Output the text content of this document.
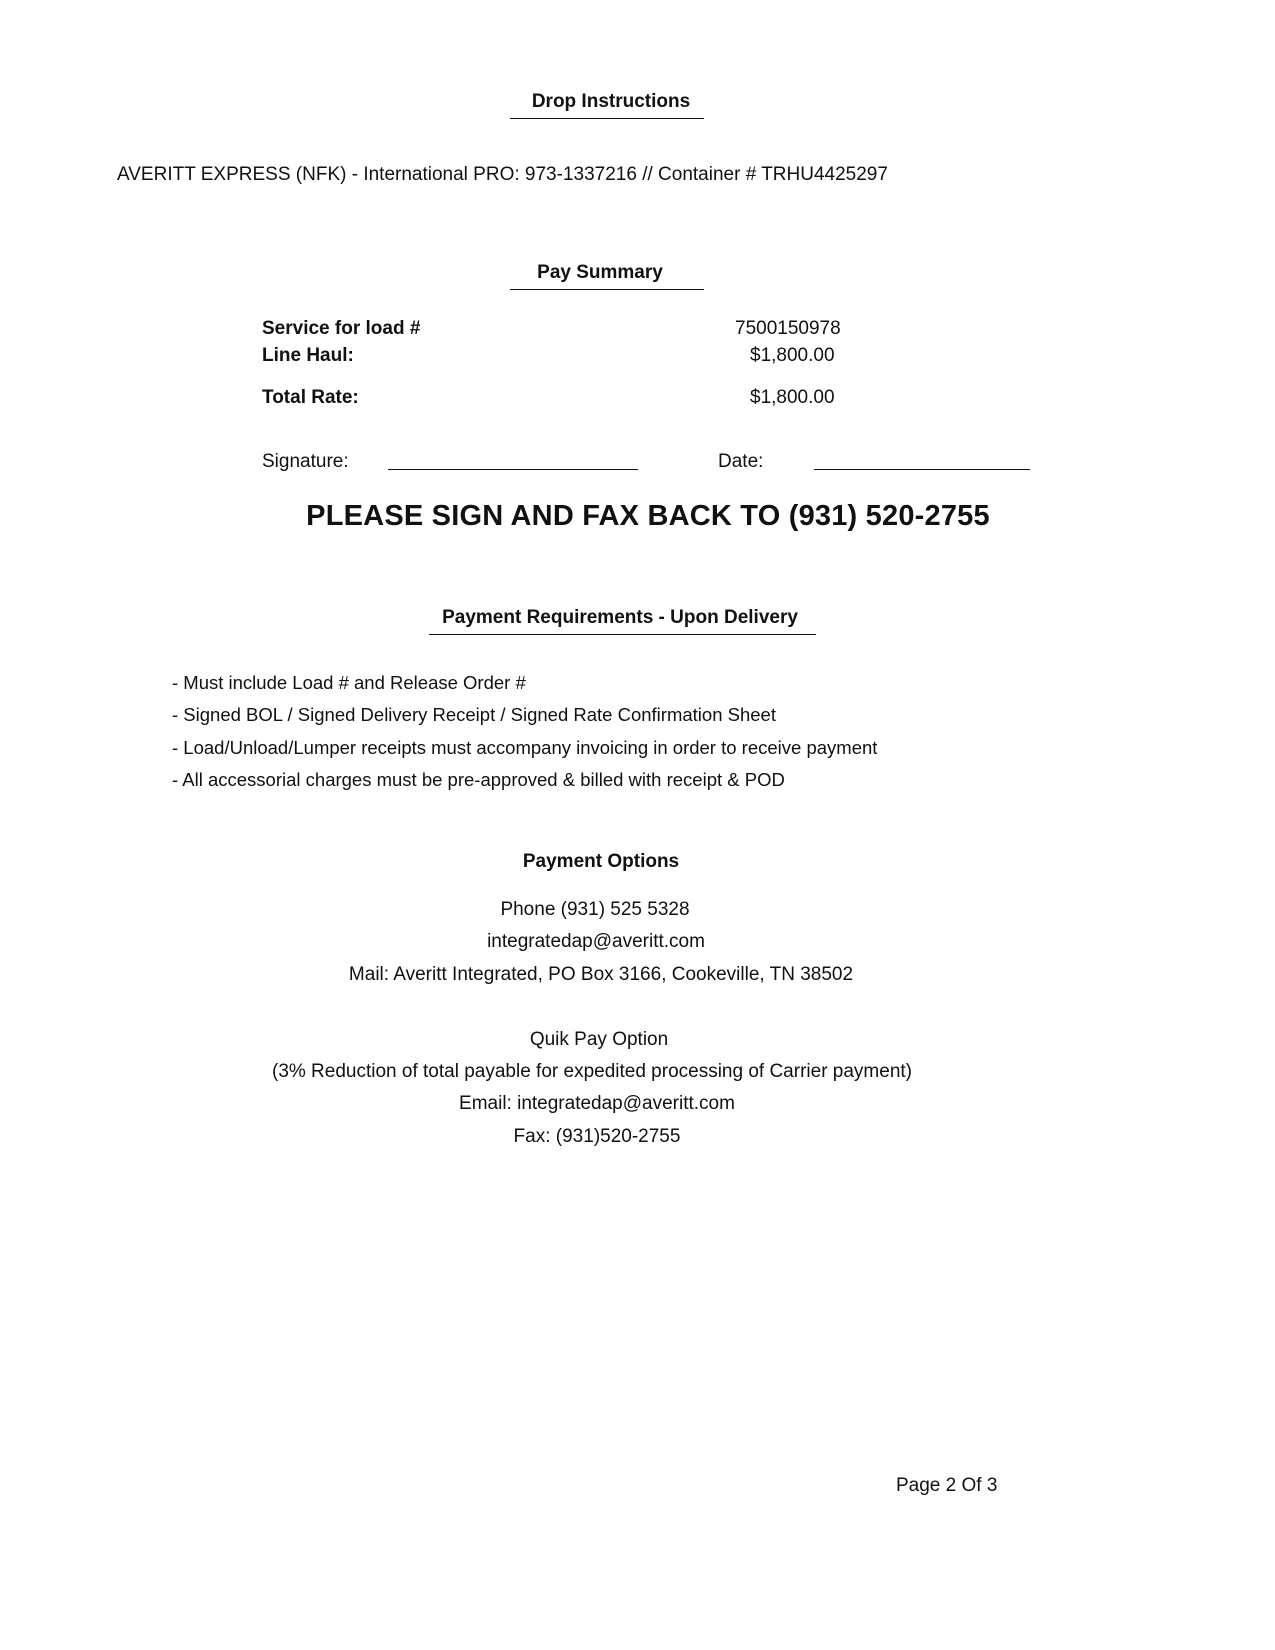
Drop Instructions
AVERITT EXPRESS (NFK) - International PRO: 973-1337216 // Container # TRHU4425297
Pay Summary
Service for load #	7500150978
Line Haul:	$1,800.00
Total Rate:	$1,800.00
Signature:	Date:
PLEASE SIGN AND FAX BACK TO (931) 520-2755
Payment Requirements - Upon Delivery
- Must include Load # and Release Order #
- Signed BOL / Signed Delivery Receipt / Signed Rate Confirmation Sheet
- Load/Unload/Lumper receipts must accompany invoicing in order to receive payment
- All accessorial charges must be pre-approved & billed with receipt & POD
Payment Options
Phone (931) 525 5328
integratedap@averitt.com
Mail: Averitt Integrated, PO Box 3166, Cookeville, TN 38502
Quik Pay Option
(3% Reduction of total payable for expedited processing of Carrier payment)
Email: integratedap@averitt.com
Fax: (931)520-2755
Page 2 Of 3
